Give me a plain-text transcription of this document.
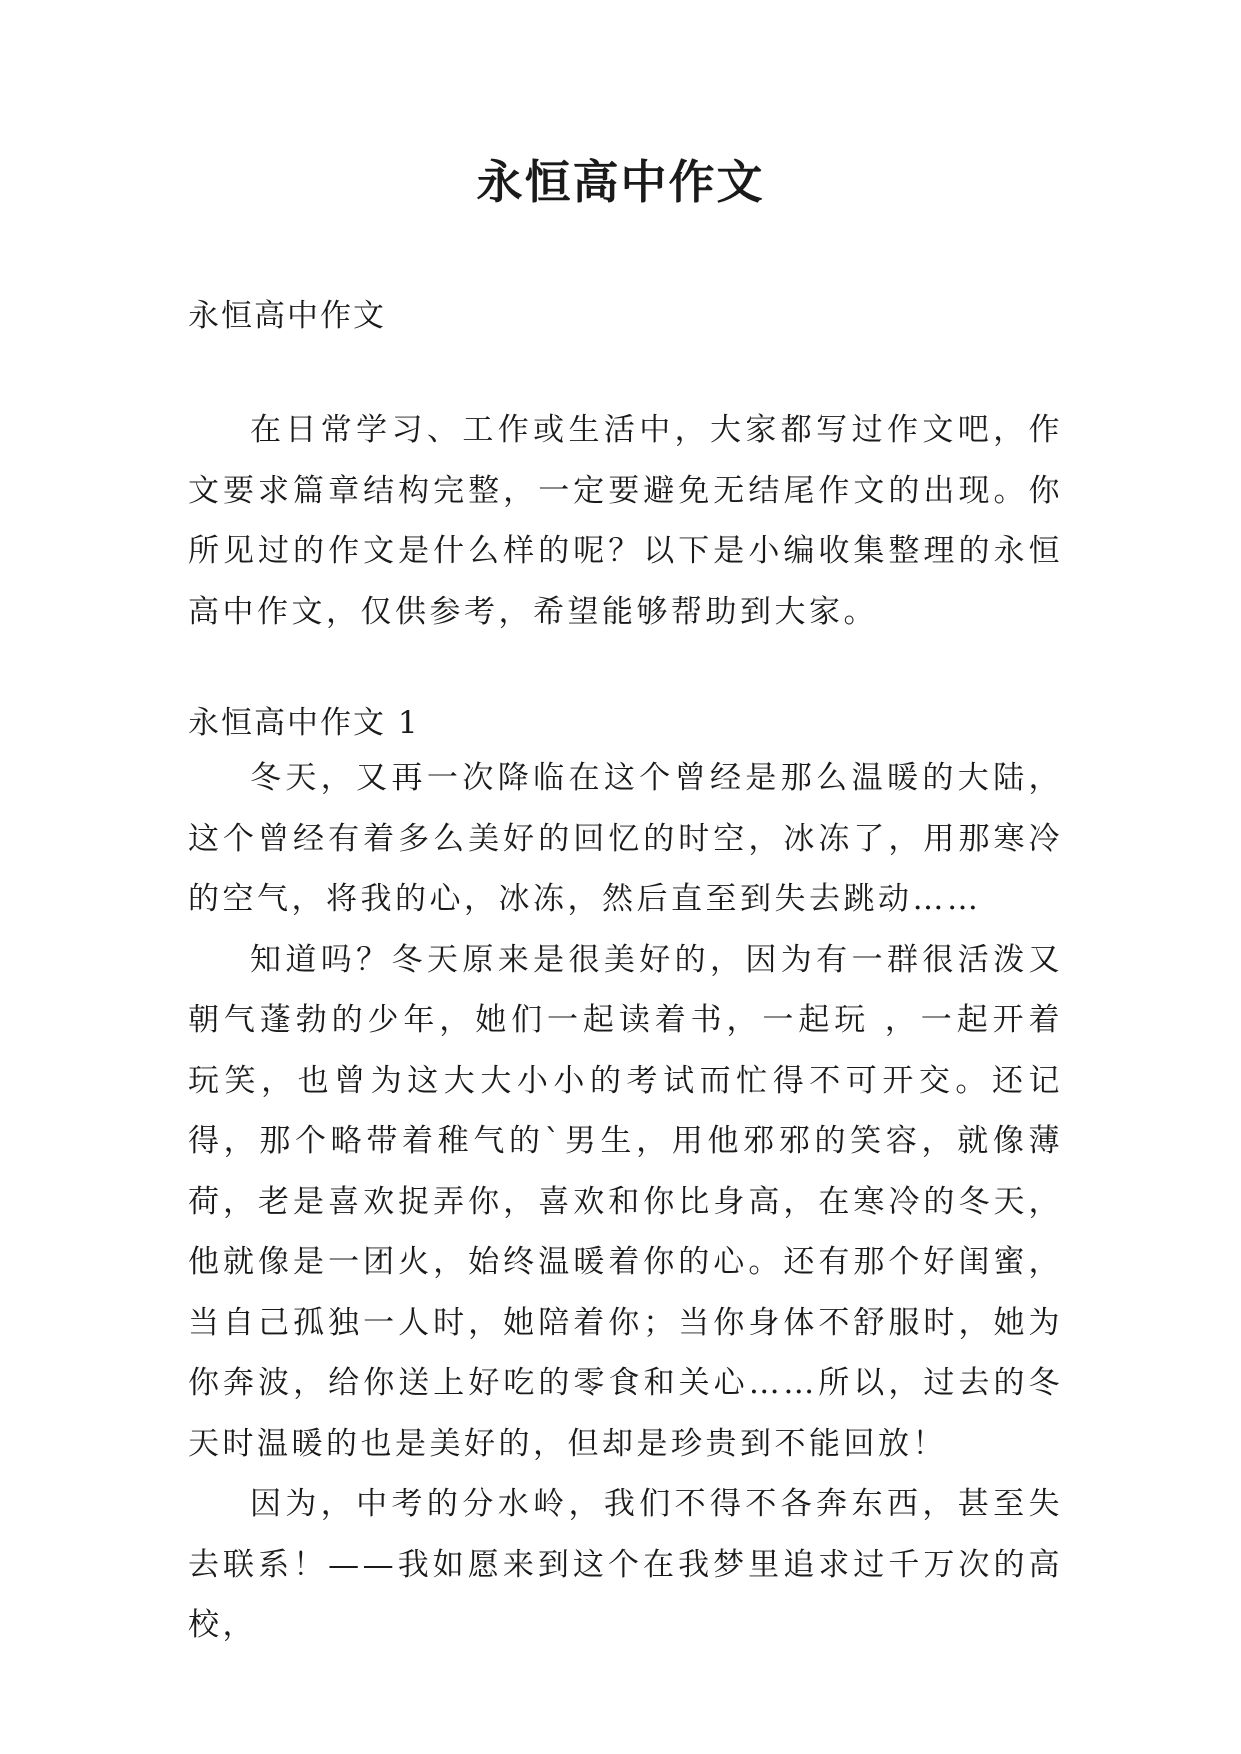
永恒高中作文
永恒高中作文

在日常学习、工作或生活中，大家都写过作文吧，作文要求篇章结构完整，一定要避免无结尾作文的出现。你所见过的作文是什么样的呢？以下是小编收集整理的永恒高中作文，仅供参考，希望能够帮助到大家。

永恒高中作文 1

冬天，又再一次降临在这个曾经是那么温暖的大陆，这个曾经有着多么美好的回忆的时空，冰冻了，用那寒冷的空气，将我的心，冰冻，然后直至到失去跳动……

知道吗？冬天原来是很美好的，因为有一群很活泼又朝气蓬勃的少年，她们一起读着书，一起玩 ，一起开着玩笑，也曾为这大大小小的考试而忙得不可开交。还记得，那个略带着稚气的`男生，用他邪邪的笑容，就像薄荷，老是喜欢捉弄你，喜欢和你比身高，在寒冷的冬天，他就像是一团火，始终温暖着你的心。还有那个好闺蜜，当自己孤独一人时，她陪着你；当你身体不舒服时，她为你奔波，给你送上好吃的零食和关心……所以，过去的冬天时温暖的也是美好的，但却是珍贵到不能回放！

因为，中考的分水岭，我们不得不各奔东西，甚至失去联系！——我如愿来到这个在我梦里追求过千万次的高校，
